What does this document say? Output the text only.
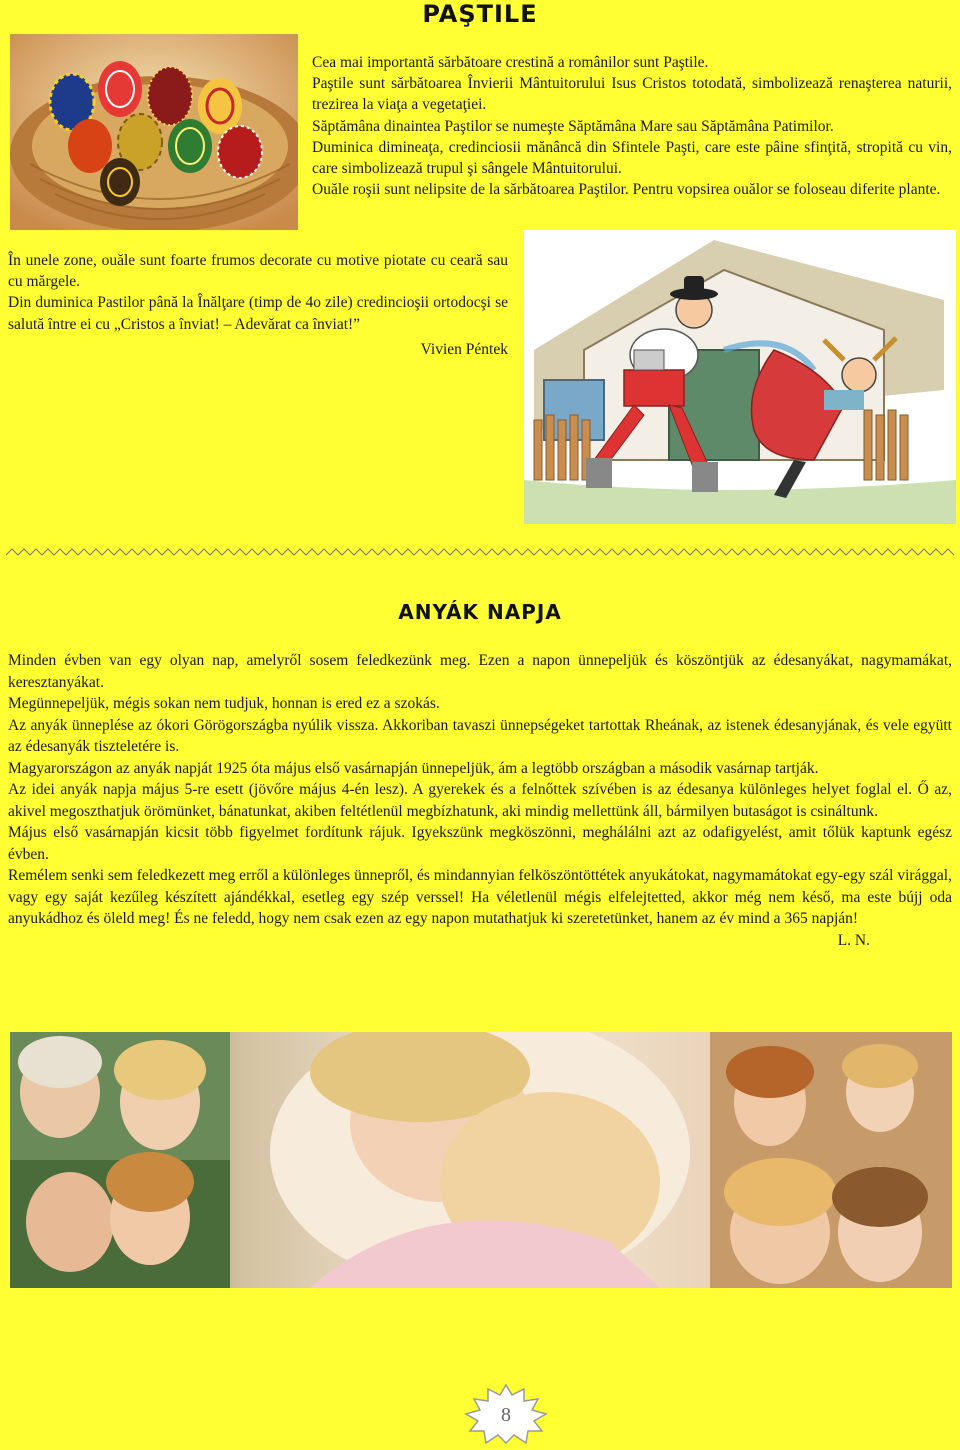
PAŞTILE

Cea mai importantă sărbătoare crestină a românilor sunt Paştile.

Paştile sunt sărbătoarea Învierii Mântuitorului Isus Cristos totodată, simbolizează renaşterea naturii, trezirea la viaţa a vegetaţiei.

Săptămâna dinaintea Paştilor se numeşte Săptămâna Mare sau Săptămâna Patimilor.

Duminica dimineaţa, credinciosii mănâncă din Sfintele Paşti, care este pâine sfinţită, stropită cu vin, care simbolizează trupul şi sângele Mântuitorului.

Ouăle roşii sunt nelipsite de la sărbătoarea Paştilor. Pentru vopsirea ouălor se foloseau diferite plante.

În unele zone, ouăle sunt foarte frumos decorate cu motive piotate cu ceară sau cu mărgele.

Din duminica Pastilor până la Înălţare (timp de 4o zile) credincioşii ortodocşi se salută între ei cu „Cristos a înviat! – Adevărat ca înviat!”

Vivien Péntek

ANYÁK NAPJA

Minden évben van egy olyan nap, amelyről sosem feledkezünk meg. Ezen a napon ünnepeljük és köszöntjük az édesanyákat, nagymamákat, keresztanyákat.

Megünnepeljük, mégis sokan nem tudjuk, honnan is ered ez a szokás.

Az anyák ünneplése az ókori Görögországba nyúlik vissza. Akkoriban tavaszi ünnepségeket tartottak Rheának, az istenek édesanyjának, és vele együtt az édesanyák tiszteletére is.

Magyarországon az anyák napját 1925 óta május első vasárnapján ünnepeljük, ám a legtöbb országban a második vasárnap tartják.

Az idei anyák napja május 5-re esett (jövőre május 4-én lesz). A gyerekek és a felnőttek szívében is az édesanya különleges helyet foglal el. Ő az, akivel megoszthatjuk örömünket, bánatunkat, akiben feltétlenül megbízhatunk, aki mindig mellettünk áll, bármilyen butaságot is csináltunk.

Május első vasárnapján kicsit több figyelmet fordítunk rájuk. Igyekszünk megköszönni, meghálálni azt az odafigyelést, amit tőlük kaptunk egész évben.

Remélem senki sem feledkezett meg erről a különleges ünnepről, és mindannyian felköszöntöttétek anyukátokat, nagymamátokat egy-egy szál virággal, vagy egy saját kezűleg készített ajándékkal, esetleg egy szép verssel! Ha véletlenül mégis elfelejtetted, akkor még nem késő, ma este bújj oda anyukádhoz és öleld meg! És ne feledd, hogy nem csak ezen az egy napon mutathatjuk ki szeretetünket, hanem az év mind a 365 napján!
L. N.

8
